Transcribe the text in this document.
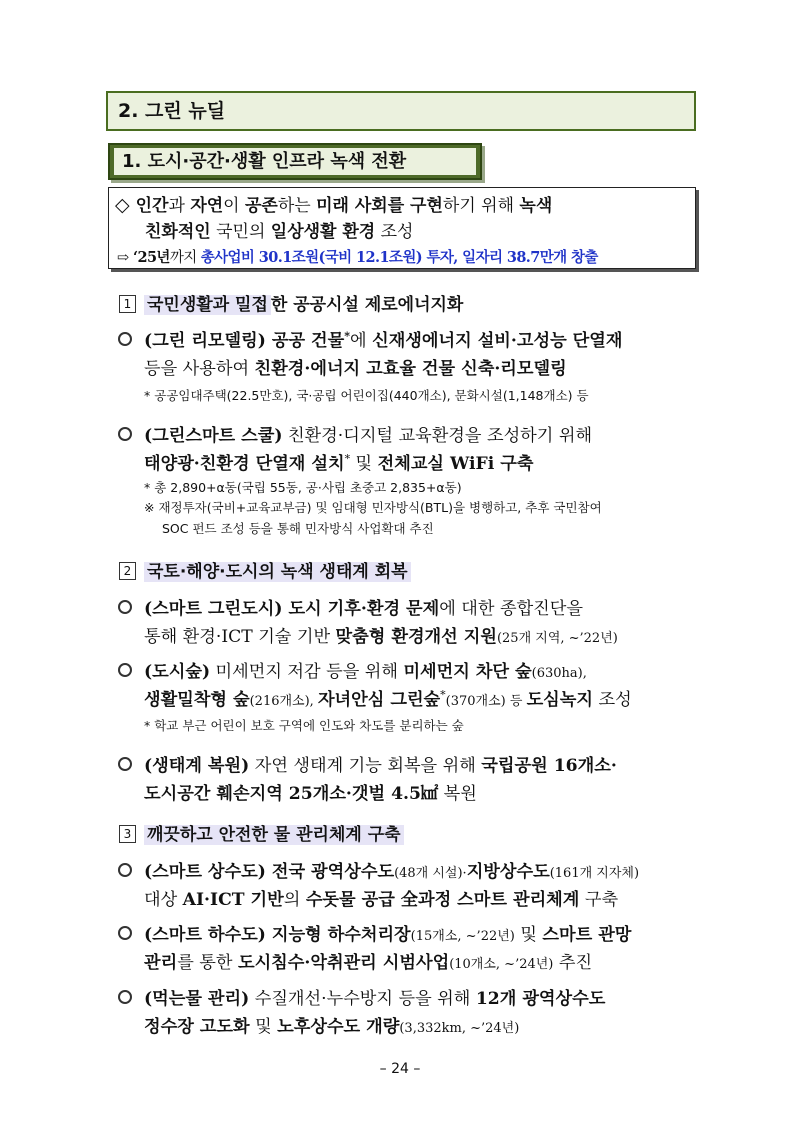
2. 그린 뉴딜
1. 도시·공간·생활 인프라 녹색 전환
◇ 인간과 자연이 공존하는 미래 사회를 구현하기 위해 녹색
친화적인 국민의 일상생활 환경 조성
⇨ ‘25년까지 총사업비 30.1조원(국비 12.1조원) 투자, 일자리 38.7만개 창출
1 국민생활과 밀접 한 공공시설 제로에너지화
(그린 리모델링) 공공 건물*에 신재생에너지 설비·고성능 단열재
등을 사용하여 친환경·에너지 고효율 건물 신축·리모델링
* 공공임대주택(22.5만호), 국·공립 어린이집(440개소), 문화시설(1,148개소) 등
(그린스마트 스쿨) 친환경·디지털 교육환경을 조성하기 위해
태양광·친환경 단열재 설치* 및 전체교실 WiFi 구축
* 총 2,890+α동(국립 55동, 공·사립 초중고 2,835+α동)
※ 재정투자(국비+교육교부금) 및 임대형 민자방식(BTL)을 병행하고, 추후 국민참여
SOC 펀드 조성 등을 통해 민자방식 사업확대 추진
2 국토·해양·도시의 녹색 생태계 회복
(스마트 그린도시) 도시 기후·환경 문제에 대한 종합진단을
통해 환경·ICT 기술 기반 맞춤형 환경개선 지원(25개 지역, ~’22년)
(도시숲) 미세먼지 저감 등을 위해 미세먼지 차단 숲(630ha),
생활밀착형 숲(216개소), 자녀안심 그린숲*(370개소) 등 도심녹지 조성
* 학교 부근 어린이 보호 구역에 인도와 차도를 분리하는 숲
(생태계 복원) 자연 생태계 기능 회복을 위해 국립공원 16개소·
도시공간 훼손지역 25개소·갯벌 4.5㎢ 복원
3 깨끗하고 안전한 물 관리체계 구축
(스마트 상수도) 전국 광역상수도(48개 시설)·지방상수도(161개 지자체)
대상 AI·ICT 기반의 수돗물 공급 全과정 스마트 관리체계 구축
(스마트 하수도) 지능형 하수처리장(15개소, ~’22년) 및 스마트 관망
관리를 통한 도시침수·악취관리 시범사업(10개소, ~’24년) 추진
(먹는물 관리) 수질개선·누수방지 등을 위해 12개 광역상수도
정수장 고도화 및 노후상수도 개량(3,332km, ~’24년)
– 24 –
